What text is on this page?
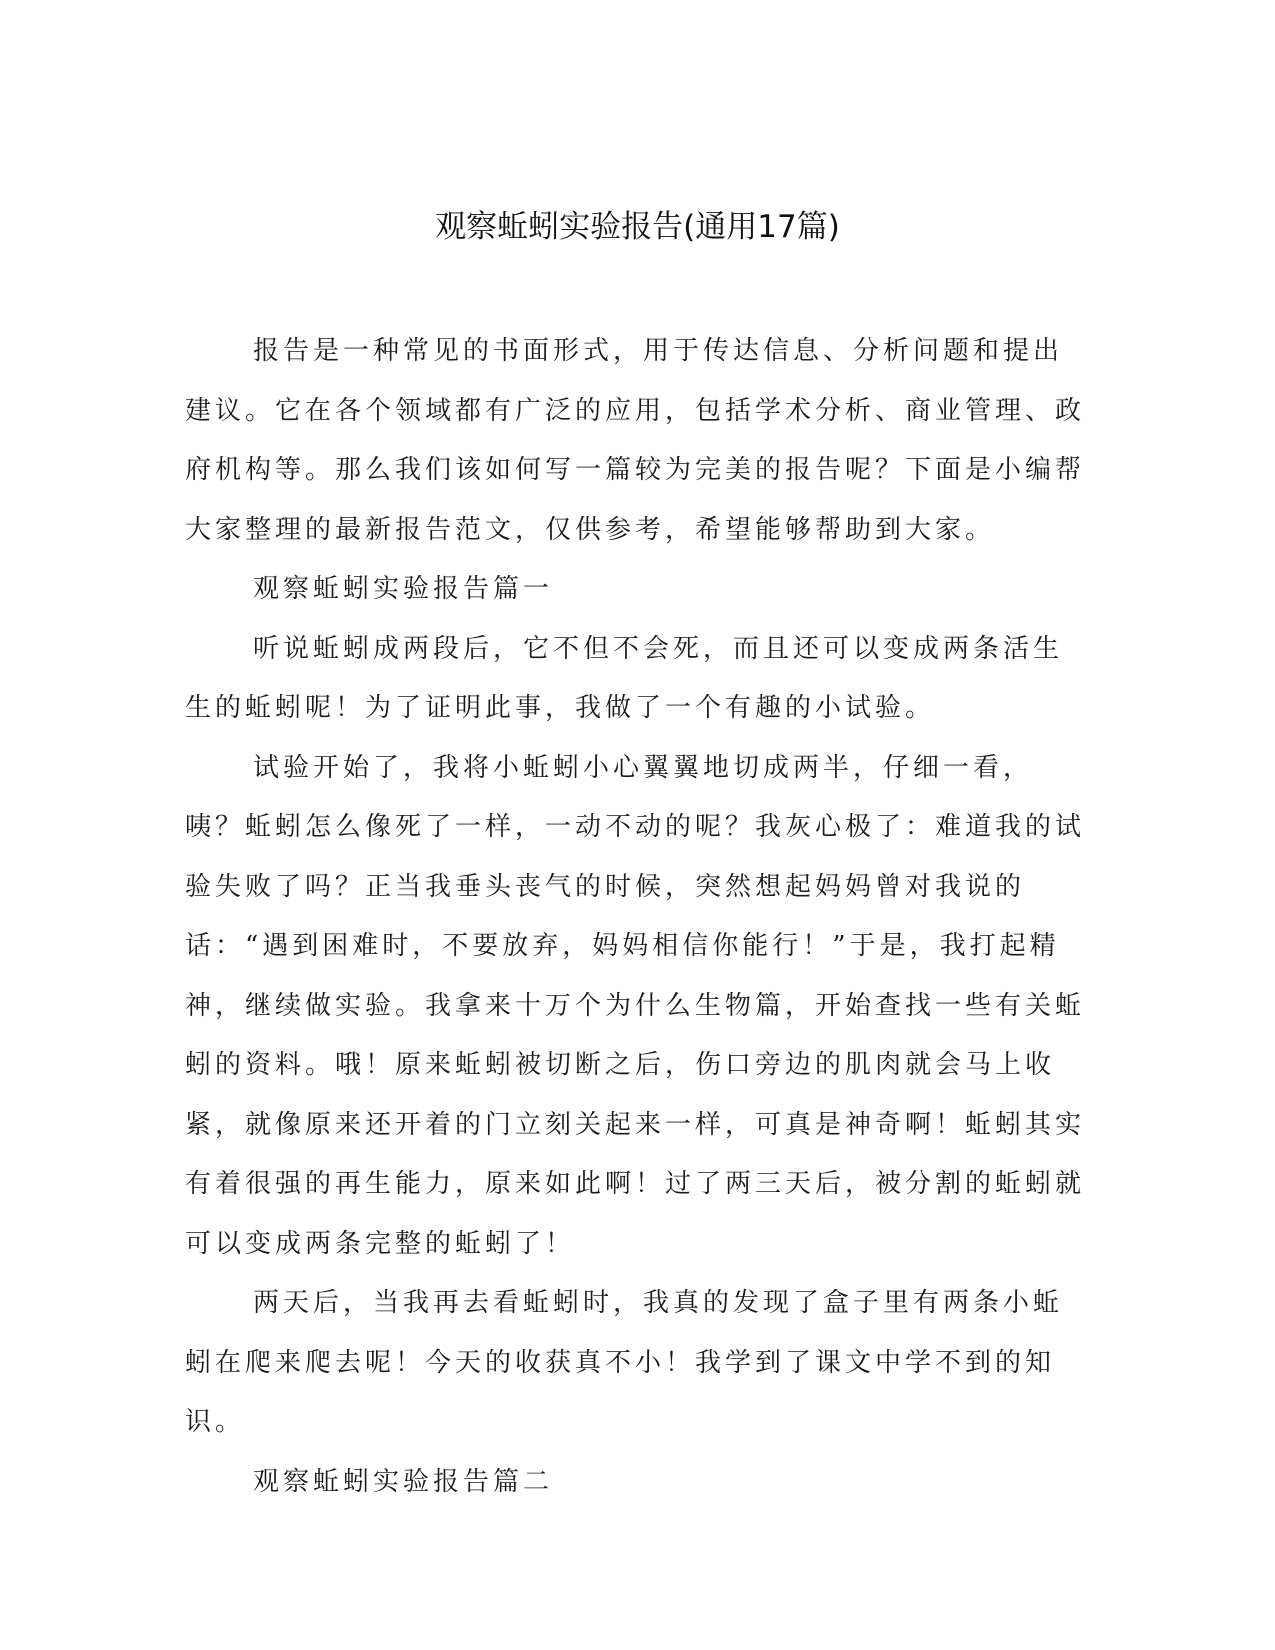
观察蚯蚓实验报告(通用17篇)

报告是一种常见的书面形式，用于传达信息、分析问题和提出建议。它在各个领域都有广泛的应用，包括学术分析、商业管理、政府机构等。那么我们该如何写一篇较为完美的报告呢？下面是小编帮大家整理的最新报告范文，仅供参考，希望能够帮助到大家。

观察蚯蚓实验报告篇一

听说蚯蚓成两段后，它不但不会死，而且还可以变成两条活生生的蚯蚓呢！为了证明此事，我做了一个有趣的小试验。

试验开始了，我将小蚯蚓小心翼翼地切成两半，仔细一看，咦？蚯蚓怎么像死了一样，一动不动的呢？我灰心极了：难道我的试验失败了吗？正当我垂头丧气的时候，突然想起妈妈曾对我说的话：“遇到困难时，不要放弃，妈妈相信你能行！”于是，我打起精神，继续做实验。我拿来十万个为什么生物篇，开始查找一些有关蚯蚓的资料。哦！原来蚯蚓被切断之后，伤口旁边的肌肉就会马上收紧，就像原来还开着的门立刻关起来一样，可真是神奇啊！蚯蚓其实有着很强的再生能力，原来如此啊！过了两三天后，被分割的蚯蚓就可以变成两条完整的蚯蚓了！

两天后，当我再去看蚯蚓时，我真的发现了盒子里有两条小蚯蚓在爬来爬去呢！今天的收获真不小！我学到了课文中学不到的知识。

观察蚯蚓实验报告篇二
